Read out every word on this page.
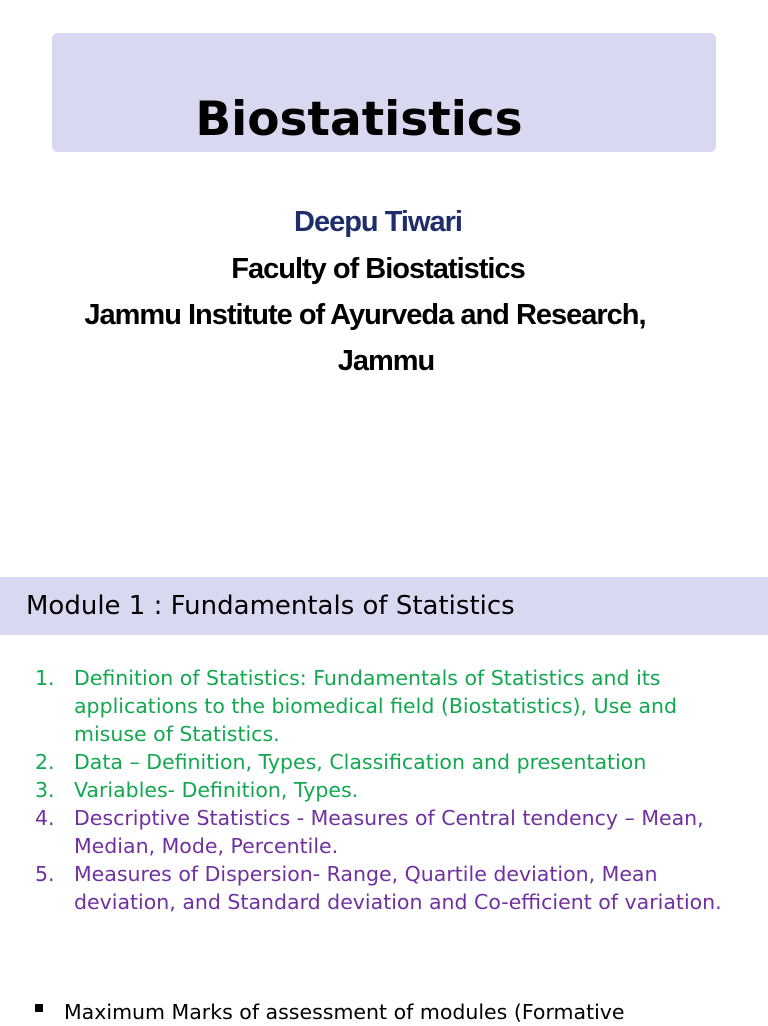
Biostatistics
Deepu Tiwari
Faculty of Biostatistics
Jammu Institute of Ayurveda and Research,
Jammu
Module 1 : Fundamentals of Statistics
1. Definition of Statistics: Fundamentals of Statistics and its applications to the biomedical field (Biostatistics), Use and misuse of Statistics.
2. Data – Definition, Types, Classification and presentation
3. Variables- Definition, Types.
4. Descriptive Statistics - Measures of Central tendency – Mean, Median, Mode, Percentile.
5. Measures of Dispersion- Range, Quartile deviation, Mean deviation, and Standard deviation and Co-efficient of variation.
Maximum Marks of assessment of modules (Formative
